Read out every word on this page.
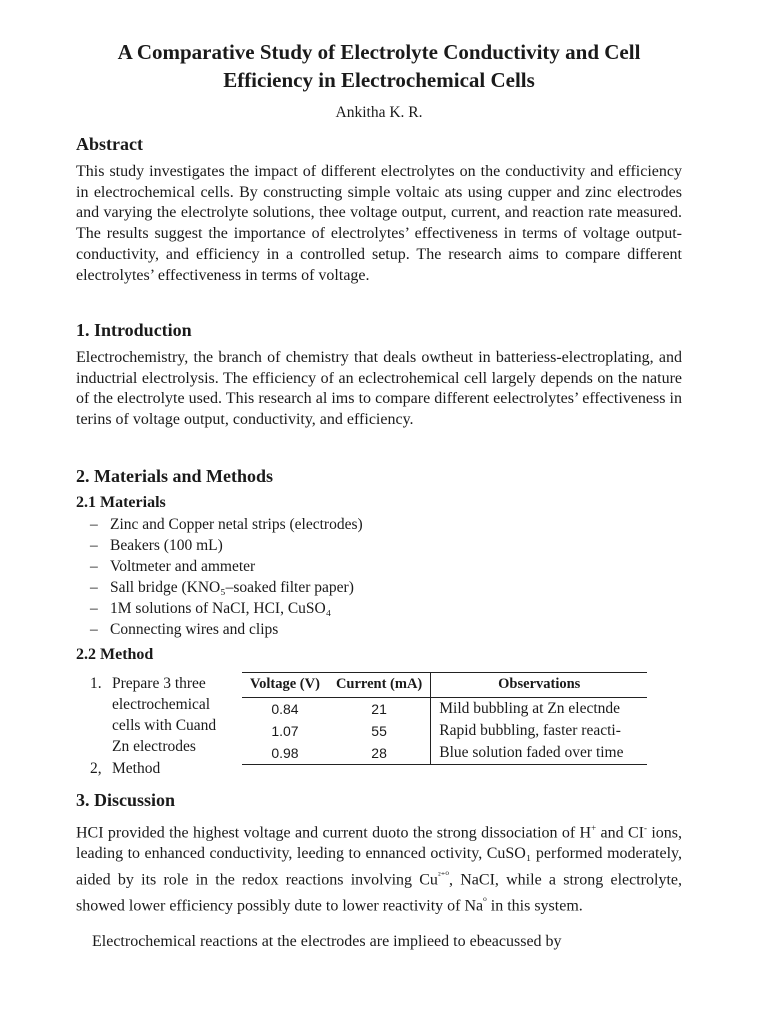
A Comparative Study of Electrolyte Conductivity and Cell Efficiency in Electrochemical Cells
Ankitha K. R.
Abstract

This study investigates the impact of different electrolytes on the conductivity and efficiency in electrochemical cells. By constructing simple voltaic ats using cupper and zinc electrodes and varying the electrolyte solutions, thee voltage output, current, and reaction rate measured. The results suggest the importance of electrolytes’ effectiveness in terms of voltage output-conductivity, and efficiency in a controlled setup. The research aims to compare different electrolytes’ effectiveness in terms of voltage.

1. Introduction

Electrochemistry, the branch of chemistry that deals owtheut in batteriess-electroplating, and inductrial electrolysis. The efficiency of an eclectrohemical cell largely depends on the nature of the electrolyte used. This research al ims to compare different eelectrolytes’ effectiveness in terins of voltage output, conductivity, and efficiency.

2. Materials and Methods
2.1 Materials
– Zinc and Copper netal strips (electrodes)
– Beakers (100 mL)
– Voltmeter and ammeter
– Sall bridge (KNO₅–soaked filter paper)
– 1M solutions of NaCI, HCI, CuSO₄
– Connecting wires and clips
2.2 Method
1. Prepare 3 three
electrochemical
cells with Cuand
Zn electrodes
2, Method
Voltage (V)	Current (mA)	Observations
0.84	21	Mild bubbling at Zn electnde
1.07	55	Rapid bubbling, faster reacti-
0.98	28	Blue solution faded over time
3. Discussion

HCI provided the highest voltage and current duoto the strong dissociation of H+ and CI- ions, leading to enhanced conductivity, leeding to ennanced octivity, CuSO₁ performed moderately, aided by its role in the redox reactions involving $Cu^{^{2+0}}$, NaCI, while a strong electrolyte, showed lower efficiency possibly dute to lower reactivity of $Na^{^0}$ in this system.

Electrochemical reactions at the electrodes are implieed to ebeacussed by
